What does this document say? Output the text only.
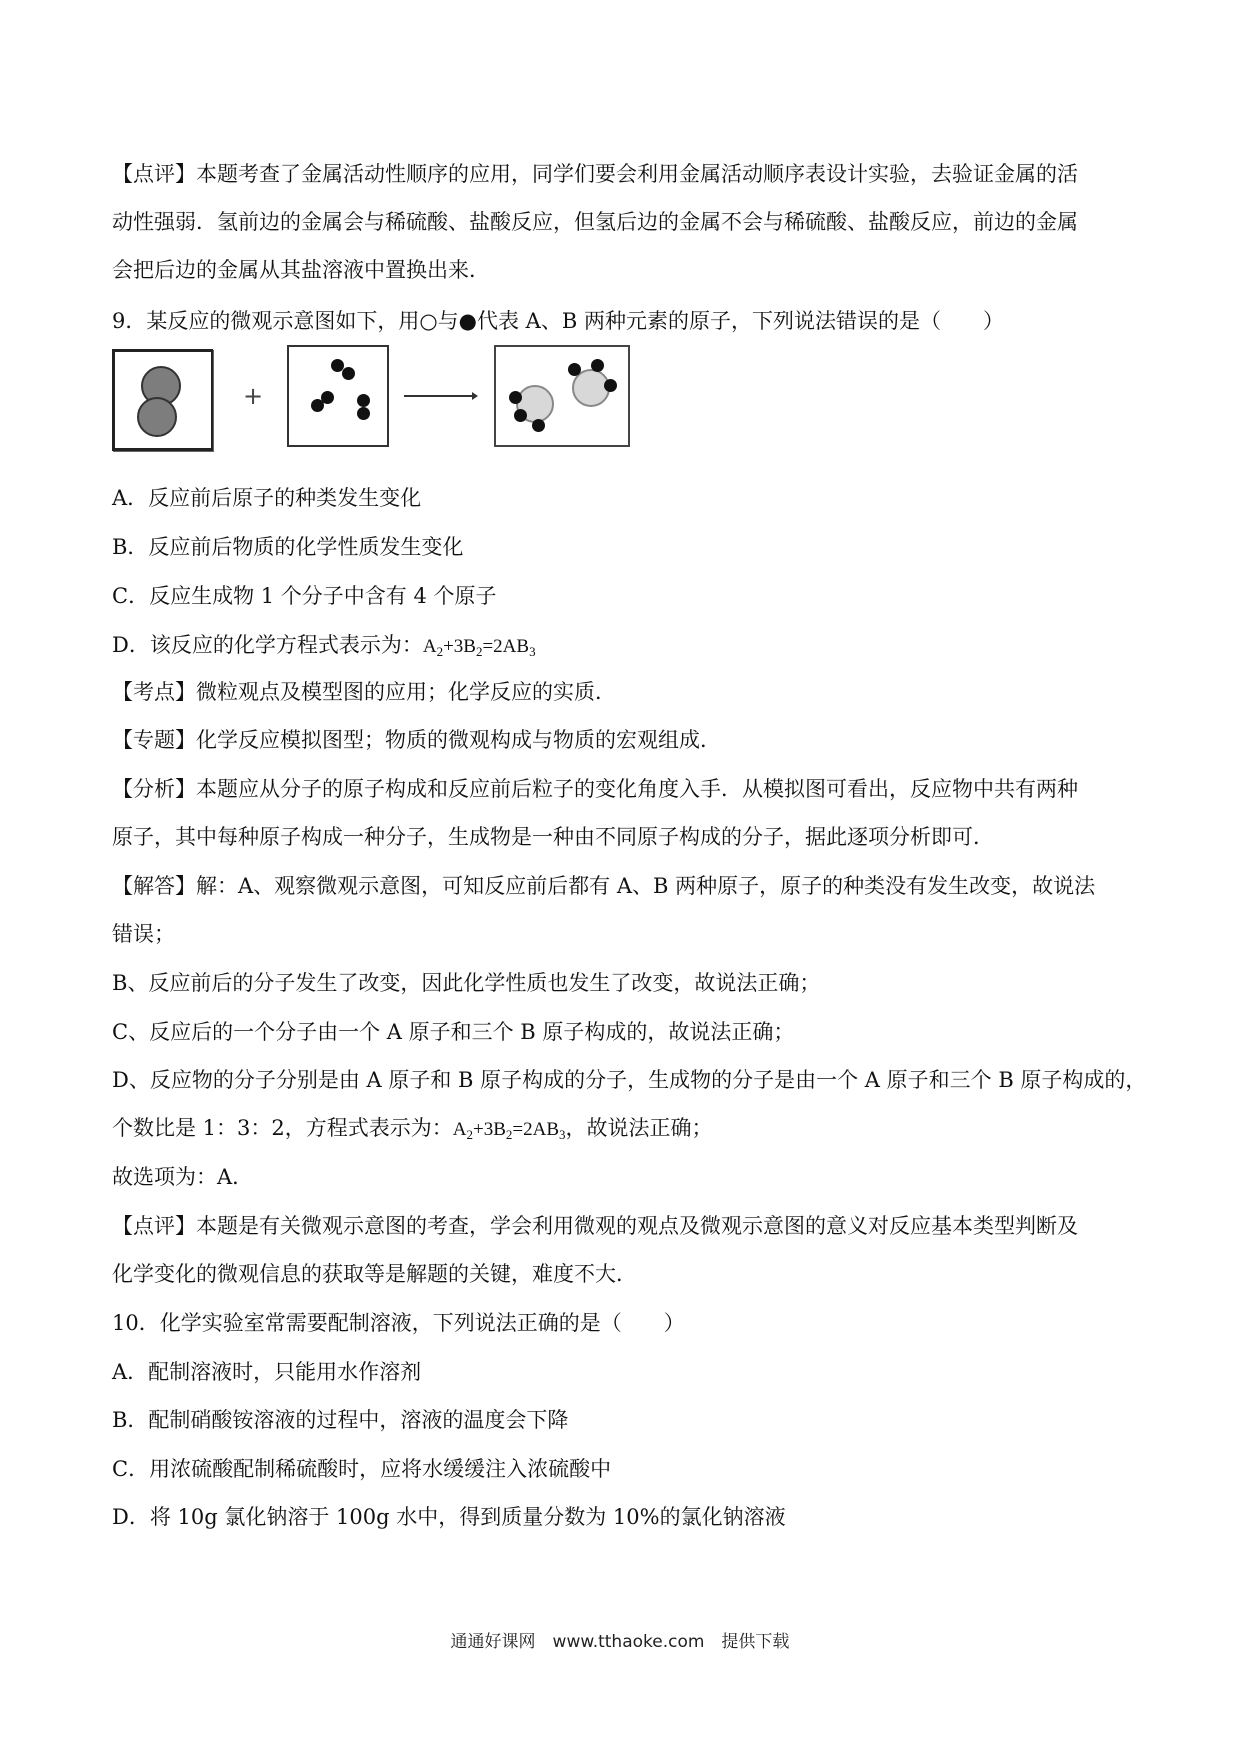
【点评】本题考查了金属活动性顺序的应用，同学们要会利用金属活动顺序表设计实验，去验证金属的活
动性强弱．氢前边的金属会与稀硫酸、盐酸反应，但氢后边的金属不会与稀硫酸、盐酸反应，前边的金属
会把后边的金属从其盐溶液中置换出来．
9．某反应的微观示意图如下，用○与●代表 A、B 两种元素的原子，下列说法错误的是（　　）
+
A．反应前后原子的种类发生变化
B．反应前后物质的化学性质发生变化
C．反应生成物 1 个分子中含有 4 个原子
D．该反应的化学方程式表示为：$A_2+3B_2=2AB_3$
【考点】微粒观点及模型图的应用；化学反应的实质．
【专题】化学反应模拟图型；物质的微观构成与物质的宏观组成．
【分析】本题应从分子的原子构成和反应前后粒子的变化角度入手．从模拟图可看出，反应物中共有两种
原子，其中每种原子构成一种分子，生成物是一种由不同原子构成的分子，据此逐项分析即可．
【解答】解：A、观察微观示意图，可知反应前后都有 A、B 两种原子，原子的种类没有发生改变，故说法
错误；
B、反应前后的分子发生了改变，因此化学性质也发生了改变，故说法正确；
C、反应后的一个分子由一个 A 原子和三个 B 原子构成的，故说法正确；
D、反应物的分子分别是由 A 原子和 B 原子构成的分子，生成物的分子是由一个 A 原子和三个 B 原子构成的，
个数比是 1：3：2，方程式表示为：$A_2+3B_2=2AB_3$，故说法正确；
故选项为：A．
【点评】本题是有关微观示意图的考查，学会利用微观的观点及微观示意图的意义对反应基本类型判断及
化学变化的微观信息的获取等是解题的关键，难度不大．
10．化学实验室常需要配制溶液，下列说法正确的是（　　）
A．配制溶液时，只能用水作溶剂
B．配制硝酸铵溶液的过程中，溶液的温度会下降
C．用浓硫酸配制稀硫酸时，应将水缓缓注入浓硫酸中
D．将 10g 氯化钠溶于 100g 水中，得到质量分数为 10%的氯化钠溶液
通通好课网　www.tthaoke.com　提供下载
